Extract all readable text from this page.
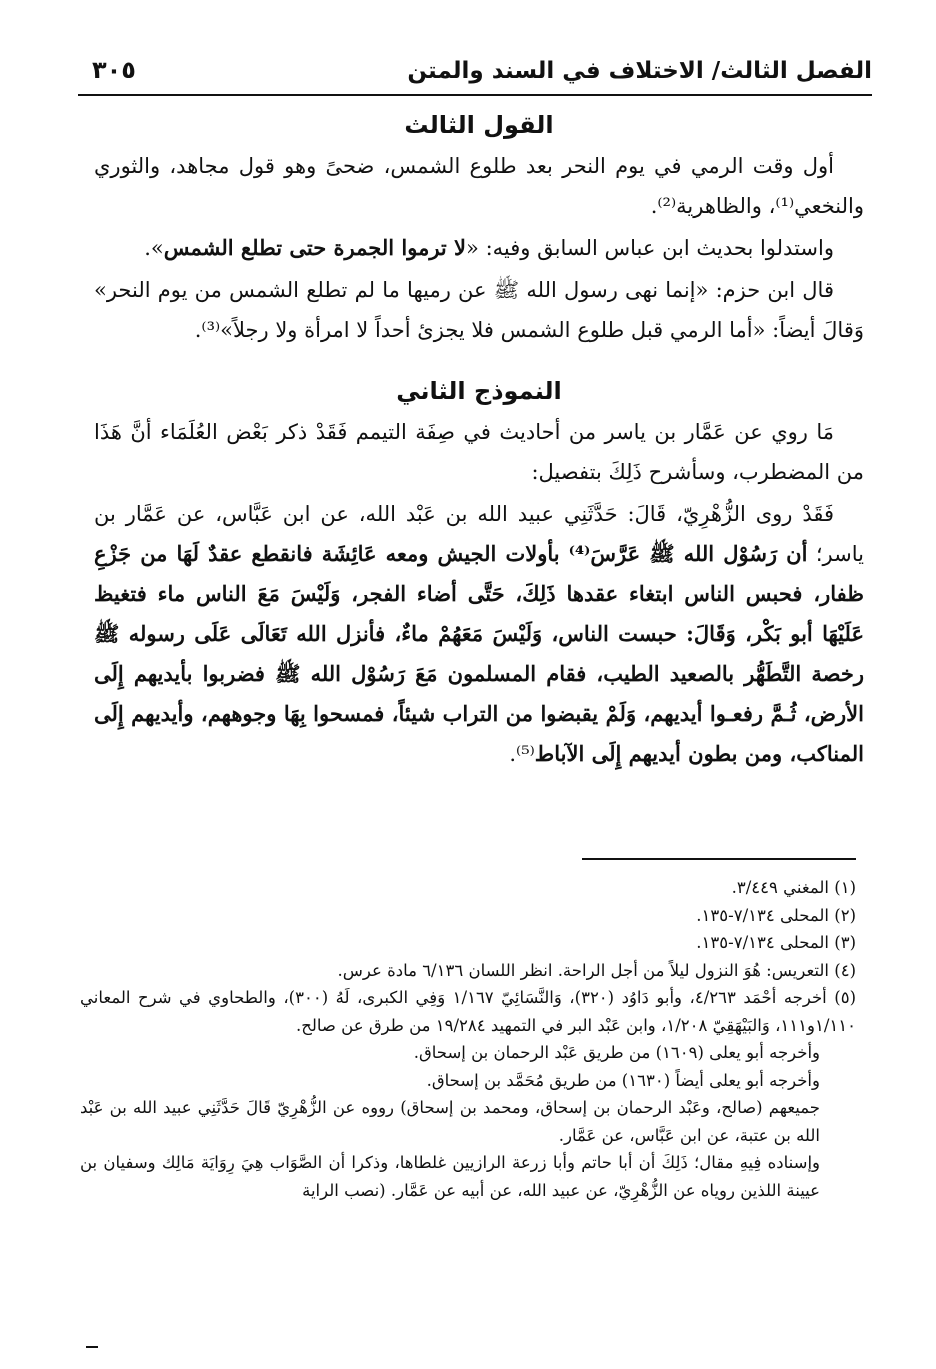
الفصل الثالث/ الاختلاف في السند والمتن
٣٠٥
القول الثالث

أول وقت الرمي في يوم النحر بعد طلوع الشمس، ضحىً وهو قول مجاهد، والثوري والنخعي⁽¹⁾، والظاهرية⁽²⁾.

واستدلوا بحديث ابن عباس السابق وفيه: «لا ترموا الجمرة حتى تطلع الشمس».

قال ابن حزم: «إنما نهى رسول الله ﷺ عن رميها ما لم تطلع الشمس من يوم النحر» وَقالَ أيضاً: «أما الرمي قبل طلوع الشمس فلا يجزئ أحداً لا امرأة ولا رجلاً»⁽³⁾.

النموذج الثاني

مَا روي عن عَمَّار بن ياسر من أحاديث في صِفَة التيمم فَقَدْ ذكر بَعْض العُلَمَاء أنَّ هَذَا من المضطرب، وسأشرح ذَلِكَ بتفصيل:

فَقَدْ روى الزُّهْرِيّ، قَالَ: حَدَّثَنِي عبيد الله بن عَبْد الله، عن ابن عَبَّاس، عن عَمَّار بن ياسر؛ أن رَسُوْل الله ﷺ عَرَّسَ⁽⁴⁾ بأولات الجيش ومعه عَائِشَة فانقطع عقدٌ لَهَا من جَزْعِ ظفار، فحبس الناس ابتغاء عقدها ذَلِكَ، حَتَّى أضاء الفجر، وَلَيْسَ مَعَ الناس ماء فتغيظ عَلَيْهَا أبو بَكْر، وَقَالَ: حبست الناس، وَلَيْسَ مَعَهُمْ ماءٌ، فأنزل الله تَعَالَى عَلَى رسوله ﷺ رخصة التَّطَهُّر بالصعيد الطيب، فقام المسلمون مَعَ رَسُوْل الله ﷺ فضربوا بأيديهم إِلَى الأرض، ثُـمَّ رفعـوا أيديهم، وَلَمْ يقبضوا من التراب شيئاً، فمسحوا بِهَا وجوههم، وأيديهم إِلَى المناكب، ومن بطون أيديهم إِلَى الآباط⁽⁵⁾.

(١) المغني ٣/٤٤٩.

(٢) المحلى ٧/١٣٤-١٣٥.

(٣) المحلى ٧/١٣٤-١٣٥.

(٤) التعريس: هُوَ النزول ليلاً من أجل الراحة. انظر اللسان ٦/١٣٦ مادة عرس.

(٥) أخرجه أحْمَد ٤/٢٦٣، وأبو دَاوُد (٣٢٠)، وَالنَّسَائِيّ ١/١٦٧ وَفِي الكبرى، لَهُ (٣٠٠)، والطحاوي في شرح المعاني ١/١١٠و١١١، وَالبَيْهَقِيّ ١/٢٠٨، وابن عَبْد البر في التمهيد ١٩/٢٨٤ من طرق عن صالح.

وأخرجه أبو يعلى (١٦٠٩) من طريق عَبْد الرحمان بن إسحاق.

وأخرجه أبو يعلى أيضاً (١٦٣٠) من طريق مُحَمَّد بن إسحاق.

جميعهم (صالح، وعَبْد الرحمان بن إسحاق، ومحمد بن إسحاق) رووه عن الزُّهْرِيّ قَالَ حَدَّثَنِي عبيد الله بن عَبْد الله بن عتبة، عن ابن عَبَّاس، عن عَمَّار.

وإسناده فِيهِ مقال؛ ذَلِكَ أن أبا حاتم وأبا زرعة الرازيين غلطاها، وذكرا أن الصَّوَاب هِيَ رِوَايَة مَالِك وسفيان بن عيينة اللذين روياه عن الزُّهْرِيّ، عن عبيد الله، عن أبيه عن عَمَّار. (نصب الراية
